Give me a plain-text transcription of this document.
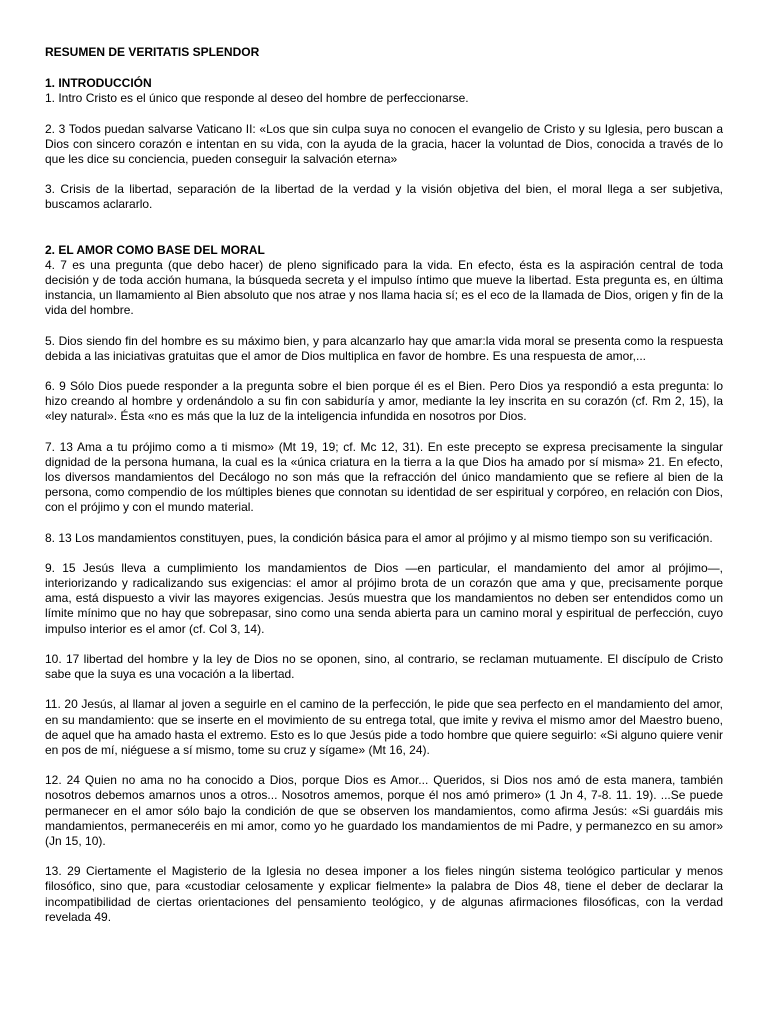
RESUMEN DE VERITATIS SPLENDOR
1. INTRODUCCIÓN

1. Intro Cristo es el único que responde al deseo del hombre de perfeccionarse.

2. 3 Todos puedan salvarse Vaticano II: «Los que sin culpa suya no conocen el evangelio de Cristo y su Iglesia, pero buscan a Dios con sincero corazón e intentan en su vida, con la ayuda de la gracia, hacer la voluntad de Dios, conocida a través de lo que les dice su conciencia, pueden conseguir la salvación eterna»

3. Crisis de la libertad, separación de la libertad de la verdad y la visión objetiva del bien, el moral llega a ser subjetiva, buscamos aclararlo.

2. EL AMOR COMO BASE DEL MORAL

4. 7 es una pregunta (que debo hacer) de pleno significado para la vida. En efecto, ésta es la aspiración central de toda decisión y de toda acción humana, la búsqueda secreta y el impulso íntimo que mueve la libertad. Esta pregunta es, en última instancia, un llamamiento al Bien absoluto que nos atrae y nos llama hacia sí; es el eco de la llamada de Dios, origen y fin de la vida del hombre.

5. Dios siendo fin del hombre es su máximo bien, y para alcanzarlo hay que amar:la vida moral se presenta como la respuesta debida a las iniciativas gratuitas que el amor de Dios multiplica en favor de hombre. Es una respuesta de amor,...

6. 9 Sólo Dios puede responder a la pregunta sobre el bien porque él es el Bien. Pero Dios ya respondió a esta pregunta: lo hizo creando al hombre y ordenándolo a su fin con sabiduría y amor, mediante la ley inscrita en su corazón (cf. Rm 2, 15), la «ley natural». Ésta «no es más que la luz de la inteligencia infundida en nosotros por Dios.

7. 13 Ama a tu prójimo como a ti mismo» (Mt 19, 19; cf. Mc 12, 31). En este precepto se expresa precisamente la singular dignidad de la persona humana, la cual es la «única criatura en la tierra a la que Dios ha amado por sí misma» 21. En efecto, los diversos mandamientos del Decálogo no son más que la refracción del único mandamiento que se refiere al bien de la persona, como compendio de los múltiples bienes que connotan su identidad de ser espiritual y corpóreo, en relación con Dios, con el prójimo y con el mundo material.

8. 13 Los mandamientos constituyen, pues, la condición básica para el amor al prójimo y al mismo tiempo son su verificación.

9. 15 Jesús lleva a cumplimiento los mandamientos de Dios —en particular, el mandamiento del amor al prójimo—, interiorizando y radicalizando sus exigencias: el amor al prójimo brota de un corazón que ama y que, precisamente porque ama, está dispuesto a vivir las mayores exigencias. Jesús muestra que los mandamientos no deben ser entendidos como un límite mínimo que no hay que sobrepasar, sino como una senda abierta para un camino moral y espiritual de perfección, cuyo impulso interior es el amor (cf. Col 3, 14).

10. 17 libertad del hombre y la ley de Dios no se oponen, sino, al contrario, se reclaman mutuamente. El discípulo de Cristo sabe que la suya es una vocación a la libertad.

11. 20 Jesús, al llamar al joven a seguirle en el camino de la perfección, le pide que sea perfecto en el mandamiento del amor, en su mandamiento: que se inserte en el movimiento de su entrega total, que imite y reviva el mismo amor del Maestro bueno, de aquel que ha amado hasta el extremo. Esto es lo que Jesús pide a todo hombre que quiere seguirlo: «Si alguno quiere venir en pos de mí, niéguese a sí mismo, tome su cruz y sígame» (Mt 16, 24).

12. 24 Quien no ama no ha conocido a Dios, porque Dios es Amor... Queridos, si Dios nos amó de esta manera, también nosotros debemos amarnos unos a otros... Nosotros amemos, porque él nos amó primero» (1 Jn 4, 7-8. 11. 19). ...Se puede permanecer en el amor sólo bajo la condición de que se observen los mandamientos, como afirma Jesús: «Si guardáis mis mandamientos, permaneceréis en mi amor, como yo he guardado los mandamientos de mi Padre, y permanezco en su amor» (Jn 15, 10).

13. 29 Ciertamente el Magisterio de la Iglesia no desea imponer a los fieles ningún sistema teológico particular y menos filosófico, sino que, para «custodiar celosamente y explicar fielmente» la palabra de Dios 48, tiene el deber de declarar la incompatibilidad de ciertas orientaciones del pensamiento teológico, y de algunas afirmaciones filosóficas, con la verdad revelada 49.
